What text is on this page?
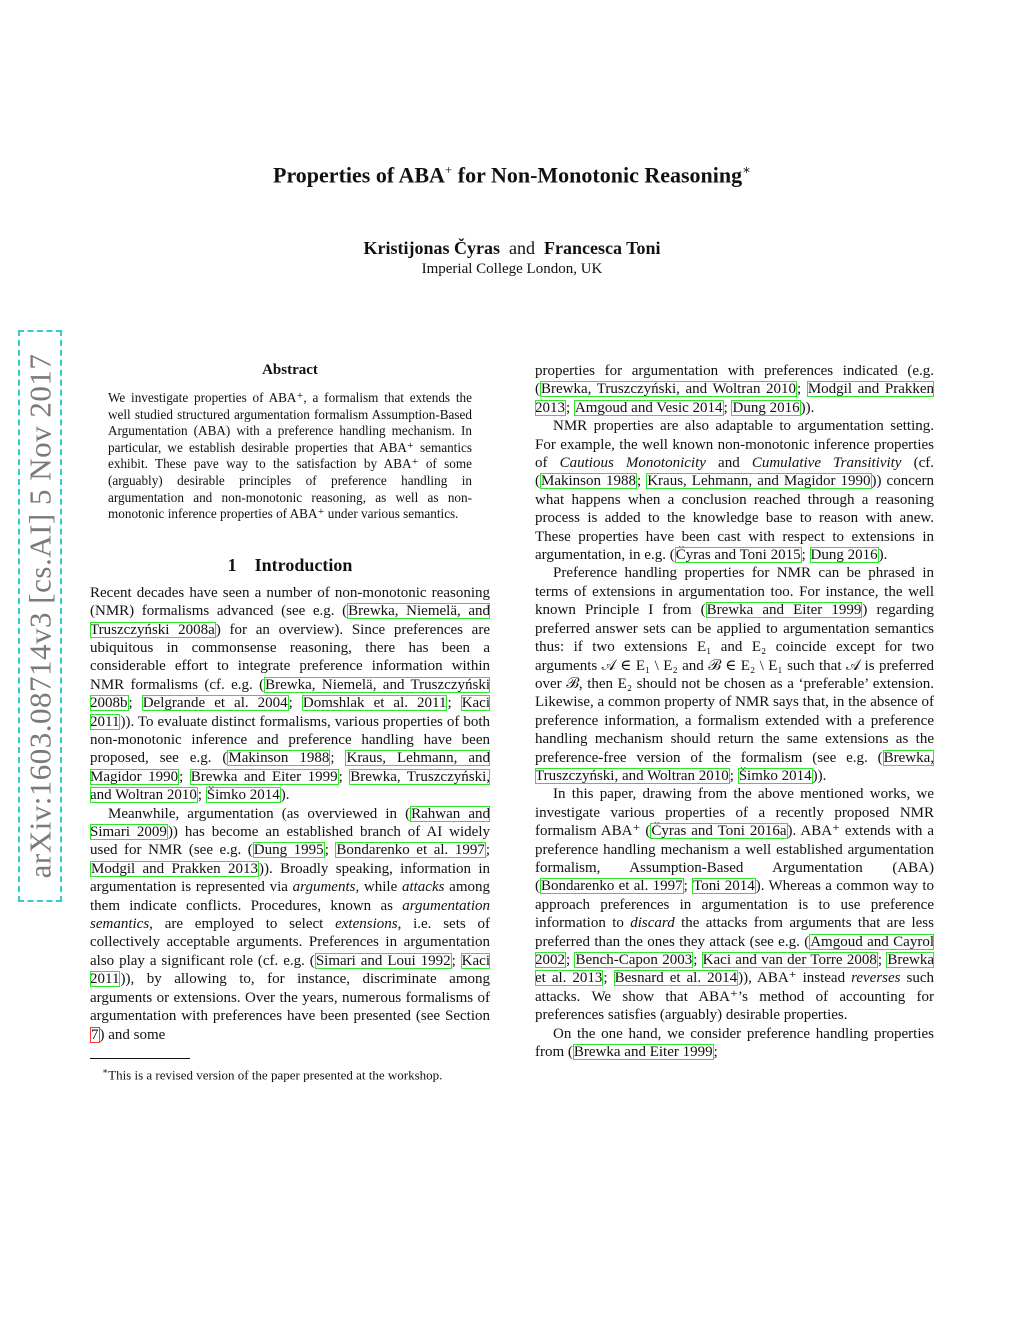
arXiv:1603.08714v3 [cs.AI] 5 Nov 2017
Properties of ABA+ for Non-Monotonic Reasoning∗
Kristijonas Čyras and Francesca Toni
Imperial College London, UK
Abstract

We investigate properties of ABA⁺, a formalism that extends the well studied structured argumentation formalism Assumption-Based Argumentation (ABA) with a preference handling mechanism. In particular, we establish desirable properties that ABA⁺ semantics exhibit. These pave way to the satisfaction by ABA⁺ of some (arguably) desirable principles of preference handling in argumentation and non-monotonic reasoning, as well as non-monotonic inference properties of ABA⁺ under various semantics.

1 Introduction

Recent decades have seen a number of non-monotonic reasoning (NMR) formalisms advanced (see e.g. (Brewka, Niemelä, and Truszczyński 2008a) for an overview). Since preferences are ubiquitous in commonsense reasoning, there has been a considerable effort to integrate preference information within NMR formalisms (cf. e.g. (Brewka, Niemelä, and Truszczyński 2008b; Delgrande et al. 2004; Domshlak et al. 2011; Kaci 2011)). To evaluate distinct formalisms, various properties of both non-monotonic inference and preference handling have been proposed, see e.g. (Makinson 1988; Kraus, Lehmann, and Magidor 1990; Brewka and Eiter 1999; Brewka, Truszczyński, and Woltran 2010; Šimko 2014).

Meanwhile, argumentation (as overviewed in (Rahwan and Simari 2009)) has become an established branch of AI widely used for NMR (see e.g. (Dung 1995; Bondarenko et al. 1997; Modgil and Prakken 2013)). Broadly speaking, information in argumentation is represented via arguments, while attacks among them indicate conflicts. Procedures, known as argumentation semantics, are employed to select extensions, i.e. sets of collectively acceptable arguments. Preferences in argumentation also play a significant role (cf. e.g. (Simari and Loui 1992; Kaci 2011)), by allowing to, for instance, discriminate among arguments or extensions. Over the years, numerous formalisms of argumentation with preferences have been presented (see Section 7) and some

∗This is a revised version of the paper presented at the workshop.

properties for argumentation with preferences indicated (e.g. (Brewka, Truszczyński, and Woltran 2010; Modgil and Prakken 2013; Amgoud and Vesic 2014; Dung 2016)).

NMR properties are also adaptable to argumentation setting. For example, the well known non-monotonic inference properties of Cautious Monotonicity and Cumulative Transitivity (cf. (Makinson 1988; Kraus, Lehmann, and Magidor 1990)) concern what happens when a conclusion reached through a reasoning process is added to the knowledge base to reason with anew. These properties have been cast with respect to extensions in argumentation, in e.g. (Čyras and Toni 2015; Dung 2016).

Preference handling properties for NMR can be phrased in terms of extensions in argumentation too. For instance, the well known Principle I from (Brewka and Eiter 1999) regarding preferred answer sets can be applied to argumentation semantics thus: if two extensions E₁ and E₂ coincide except for two arguments 𝒜 ∈ E₁ \ E₂ and ℬ ∈ E₂ \ E₁ such that 𝒜 is preferred over ℬ, then E₂ should not be chosen as a ‘preferable’ extension. Likewise, a common property of NMR says that, in the absence of preference information, a formalism extended with a preference handling mechanism should return the same extensions as the preference-free version of the formalism (see e.g. (Brewka, Truszczyński, and Woltran 2010; Šimko 2014)).

In this paper, drawing from the above mentioned works, we investigate various properties of a recently proposed NMR formalism ABA⁺ (Čyras and Toni 2016a). ABA⁺ extends with a preference handling mechanism a well established argumentation formalism, Assumption-Based Argumentation (ABA) (Bondarenko et al. 1997; Toni 2014). Whereas a common way to approach preferences in argumentation is to use preference information to discard the attacks from arguments that are less preferred than the ones they attack (see e.g. (Amgoud and Cayrol 2002; Bench-Capon 2003; Kaci and van der Torre 2008; Brewka et al. 2013; Besnard et al. 2014)), ABA⁺ instead reverses such attacks. We show that ABA⁺’s method of accounting for preferences satisfies (arguably) desirable properties.

On the one hand, we consider preference handling properties from (Brewka and Eiter 1999;
